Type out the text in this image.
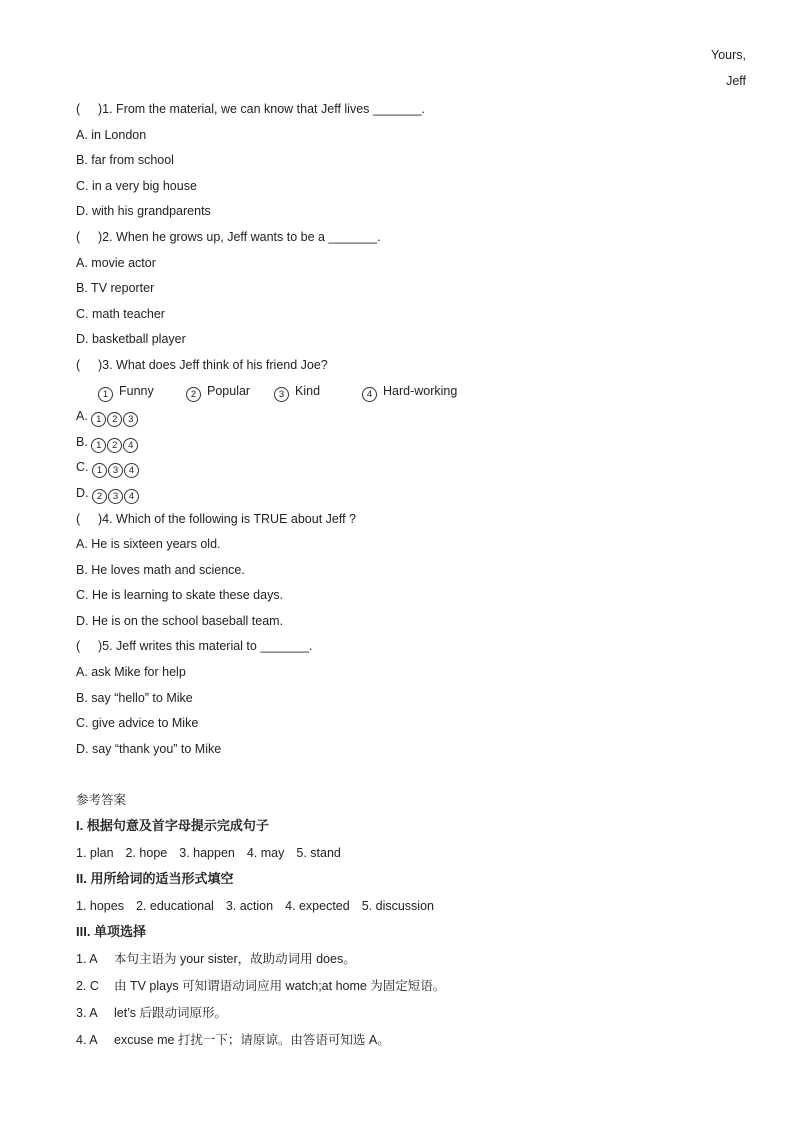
Yours,
Jeff
( )1. From the material, we can know that Jeff lives _______.
A. in London
B. far from school
C. in a very big house
D. with his grandparents
( )2. When he grows up, Jeff wants to be a _______.
A. movie actor
B. TV reporter
C. math teacher
D. basketball player
( )3. What does Jeff think of his friend Joe?
1 Funny	2 Popular	3 Kind	4 Hard-working
A. 1 2 3
B. 1 2 4
C. 1 3 4
D. 2 3 4
( )4. Which of the following is TRUE about Jeff ?
A. He is sixteen years old.
B. He loves math and science.
C. He is learning to skate these days.
D. He is on the school baseball team.
( )5. Jeff writes this material to _______.
A. ask Mike for help
B. say “hello” to Mike
C. give advice to Mike
D. say “thank you” to Mike
参考答案
I. 根据句意及首字母提示完成句子
1. plan 2. hope 3. happen 4. may 5. stand
II. 用所给词的适当形式填空
1. hopes 2. educational 3. action 4. expected 5. discussion
III. 单项选择
1. A 本句主语为 your sister，故助动词用 does。
2. C 由 TV plays 可知谓语动词应用 watch;at home 为固定短语。
3. A let’s 后跟动词原形。
4. A excuse me 打扰一下；请原谅。由答语可知选 A。
